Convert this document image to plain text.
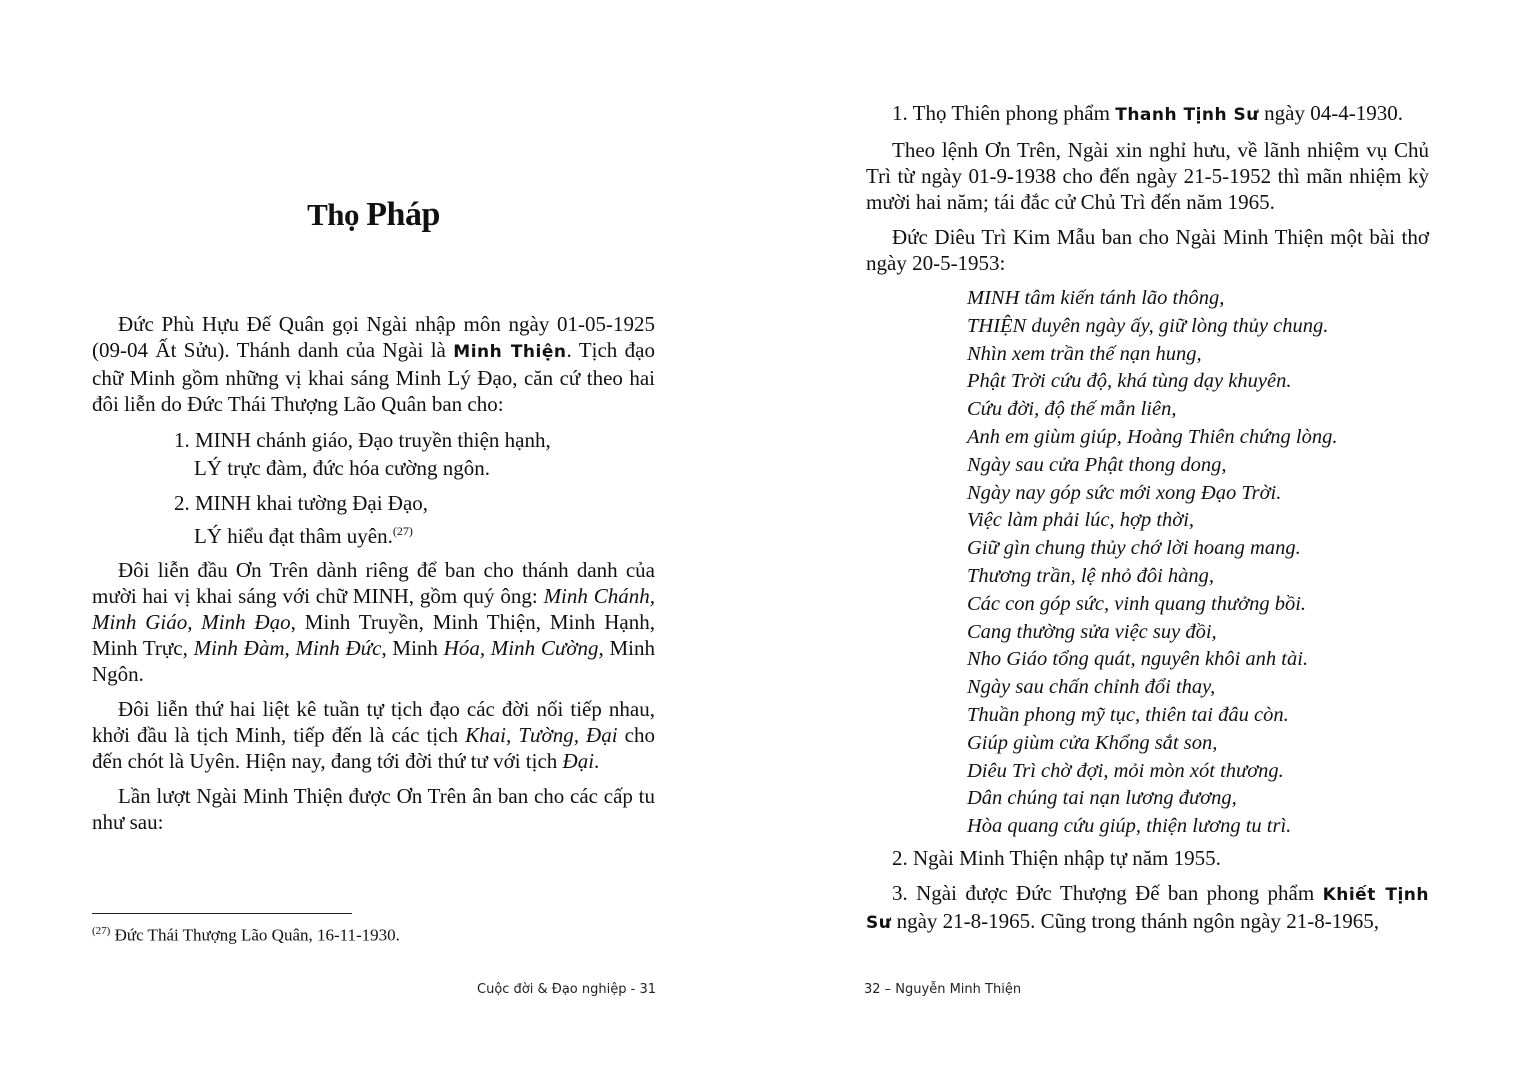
Thọ Pháp

Đức Phù Hựu Đế Quân gọi Ngài nhập môn ngày 01-05-1925 (09-04 Ất Sửu). Thánh danh của Ngài là Minh Thiện. Tịch đạo chữ Minh gồm những vị khai sáng Minh Lý Đạo, căn cứ theo hai đôi liễn do Đức Thái Thượng Lão Quân ban cho:

1. MINH chánh giáo, Đạo truyền thiện hạnh,
LÝ trực đàm, đức hóa cường ngôn.
2. MINH khai tường Đại Đạo,
LÝ hiểu đạt thâm uyên.$^{(27)}$

Đôi liễn đầu Ơn Trên dành riêng để ban cho thánh danh của mười hai vị khai sáng với chữ MINH, gồm quý ông: Minh Chánh, Minh Giáo, Minh Đạo, Minh Truyền, Minh Thiện, Minh Hạnh, Minh Trực, Minh Đàm, Minh Đức, Minh Hóa, Minh Cường, Minh Ngôn.

Đôi liễn thứ hai liệt kê tuần tự tịch đạo các đời nối tiếp nhau, khởi đầu là tịch Minh, tiếp đến là các tịch Khai, Tường, Đại cho đến chót là Uyên. Hiện nay, đang tới đời thứ tư với tịch Đại.

Lần lượt Ngài Minh Thiện được Ơn Trên ân ban cho các cấp tu như sau:

$^{(27)}$ Đức Thái Thượng Lão Quân, 16-11-1930.
Cuộc đời & Đạo nghiệp - 31

1. Thọ Thiên phong phẩm Thanh Tịnh Sư ngày 04-4-1930.

Theo lệnh Ơn Trên, Ngài xin nghỉ hưu, về lãnh nhiệm vụ Chủ Trì từ ngày 01-9-1938 cho đến ngày 21-5-1952 thì mãn nhiệm kỳ mười hai năm; tái đắc cử Chủ Trì đến năm 1965.

Đức Diêu Trì Kim Mẫu ban cho Ngài Minh Thiện một bài thơ ngày 20-5-1953:

MINH tâm kiến tánh lão thông,
THIỆN duyên ngày ấy, giữ lòng thủy chung.
Nhìn xem trần thế nạn hung,
Phật Trời cứu độ, khá tùng dạy khuyên.
Cứu đời, độ thế mẫn liên,
Anh em giùm giúp, Hoàng Thiên chứng lòng.
Ngày sau cửa Phật thong dong,
Ngày nay góp sức mới xong Đạo Trời.
Việc làm phải lúc, hợp thời,
Giữ gìn chung thủy chớ lời hoang mang.
Thương trần, lệ nhỏ đôi hàng,
Các con góp sức, vinh quang thưởng bồi.
Cang thường sửa việc suy đồi,
Nho Giáo tổng quát, nguyên khôi anh tài.
Ngày sau chấn chỉnh đổi thay,
Thuần phong mỹ tục, thiên tai đâu còn.
Giúp giùm cửa Khổng sắt son,
Diêu Trì chờ đợi, mỏi mòn xót thương.
Dân chúng tai nạn lương đương,
Hòa quang cứu giúp, thiện lương tu trì.

2. Ngài Minh Thiện nhập tự năm 1955.

3. Ngài được Đức Thượng Đế ban phong phẩm Khiết Tịnh Sư ngày 21-8-1965. Cũng trong thánh ngôn ngày 21-8-1965,

32 – Nguyễn Minh Thiện
